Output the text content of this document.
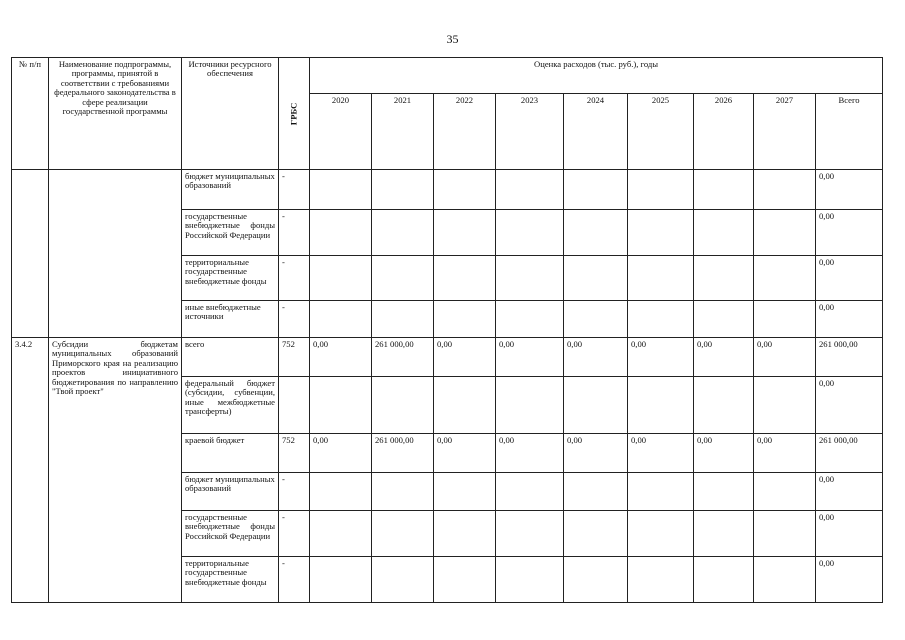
35
№ п/п	Наименование подпрограммы, программы, принятой в соответствии с требованиями федерального законодательства в сфере реализации государственной программы	Источники ресурсного обеспечения	ГРБС	Оценка расходов (тыс. руб.), годы								
				2020	2021	2022	2023	2024	2025	2026	2027	Всего
		бюджет муниципальных образований	-									0,00
		государственные внебюджетные фонды Российской Федерации	-									0,00
		территориальные государственные внебюджетные фонды	-									0,00
		иные внебюджетные источники	-									0,00
3.4.2	Субсидии бюджетам муниципальных образований Приморского края на реализацию проектов инициативного бюджетирования по направлению "Твой проект"	всего	752	0,00	261 000,00	0,00	0,00	0,00	0,00	0,00	0,00	261 000,00
		федеральный бюджет (субсидии, субвенции, иные межбюджетные трансферты)										0,00
		краевой бюджет	752	0,00	261 000,00	0,00	0,00	0,00	0,00	0,00	0,00	261 000,00
		бюджет муниципальных образований	-									0,00
		государственные внебюджетные фонды Российской Федерации	-									0,00
		территориальные государственные внебюджетные фонды	-									0,00
